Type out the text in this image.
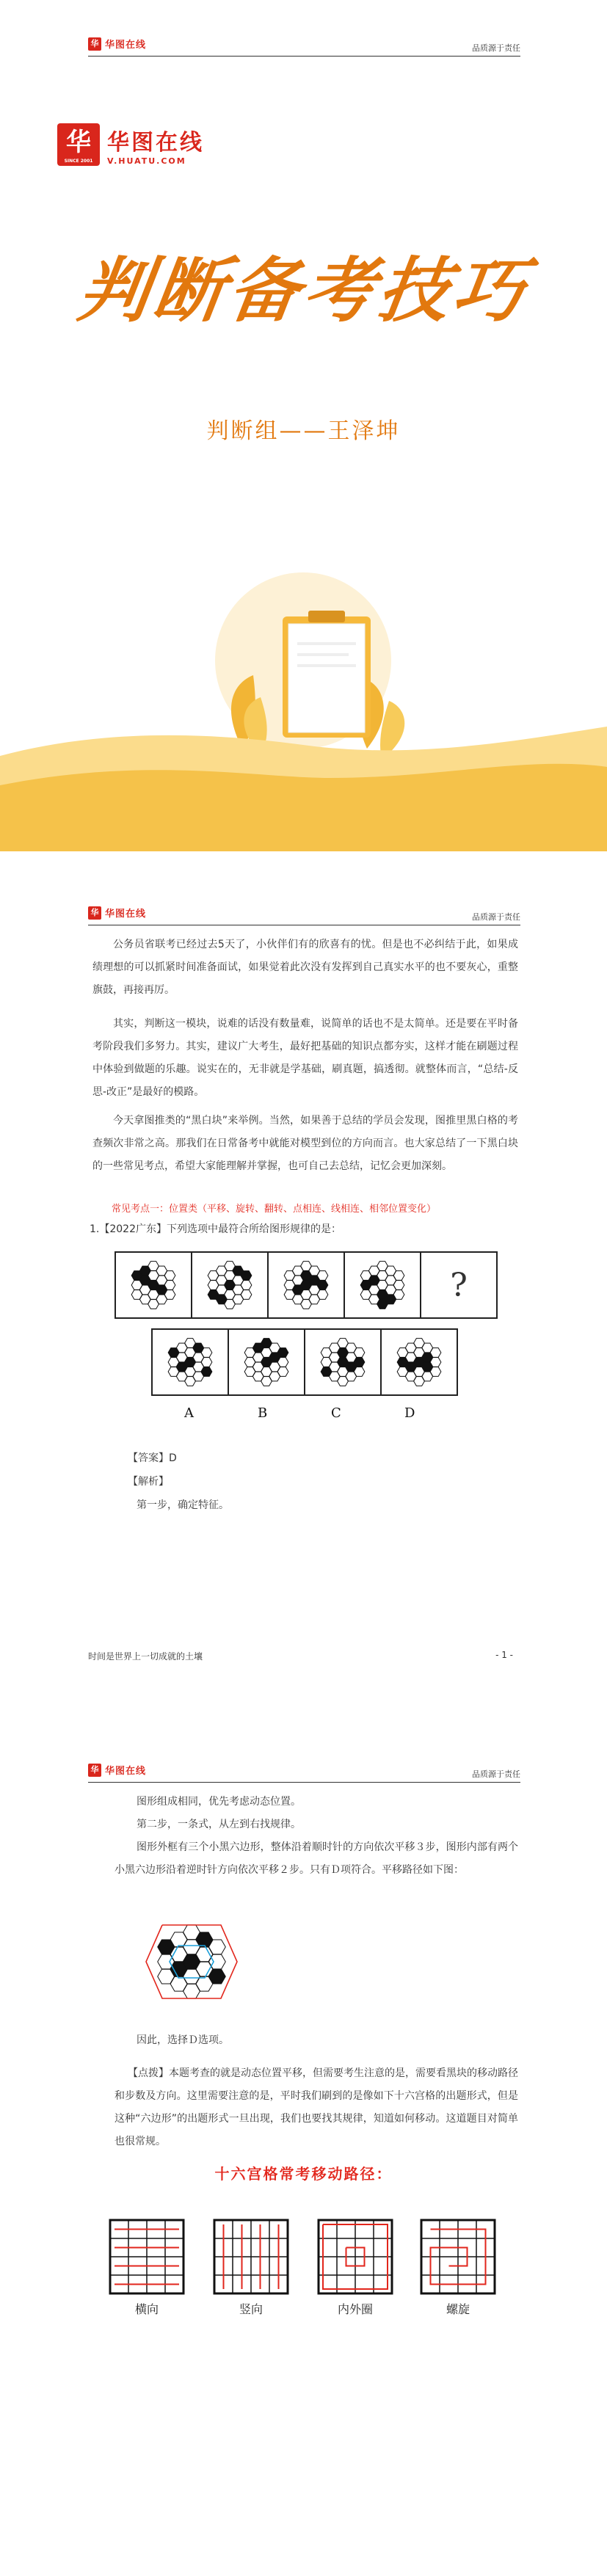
华 华图在线	品质源于责任
华
SINCE 2001
华图在线
V.HUATU.COM
判断备考技巧
判断组——王泽坤
华 华图在线	品质源于责任
公务员省联考已经过去5天了，小伙伴们有的欣喜有的忧。但是也不必纠结于此，如果成绩理想的可以抓紧时间准备面试，如果觉着此次没有发挥到自己真实水平的也不要灰心，重整旗鼓，再接再厉。
其实，判断这一模块，说难的话没有数量难，说简单的话也不是太简单。还是要在平时备考阶段我们多努力。其实，建议广大考生，最好把基础的知识点都夯实，这样才能在刷题过程中体验到做题的乐趣。说实在的，无非就是学基础，刷真题，搞透彻。就整体而言，“总结-反思-改正”是最好的模路。
今天拿图推类的“黑白块”来举例。当然，如果善于总结的学员会发现，图推里黑白格的考查频次非常之高。那我们在日常备考中就能对模型到位的方向而言。也大家总结了一下黑白块的一些常见考点，希望大家能理解并掌握，也可自己去总结，记忆会更加深刻。
常见考点一：位置类（平移、旋转、翻转、点相连、线相连、相邻位置变化）
1.【2022广东】下列选项中最符合所给图形规律的是：
?
A	B	C	D
【答案】D
【解析】
第一步，确定特征。
时间是世界上一切成就的土壤	- 1 -
华 华图在线	品质源于责任
图形组成相同，优先考虑动态位置。
第二步，一条式，从左到右找规律。
图形外框有三个小黑六边形，整体沿着顺时针的方向依次平移３步，图形内部有两个小黑六边形沿着逆时针方向依次平移２步。只有Ｄ项符合。平移路径如下图：
因此，选择Ｄ选项。
【点拨】本题考查的就是动态位置平移，但需要考生注意的是，需要看黑块的移动路径和步数及方向。这里需要注意的是，平时我们刷到的是像如下十六宫格的出题形式，但是这种“六边形”的出题形式一旦出现，我们也要找其规律，知道如何移动。这道题目对简单也很常规。
十六宫格常考移动路径：
横向	竖向	内外圈	螺旋
